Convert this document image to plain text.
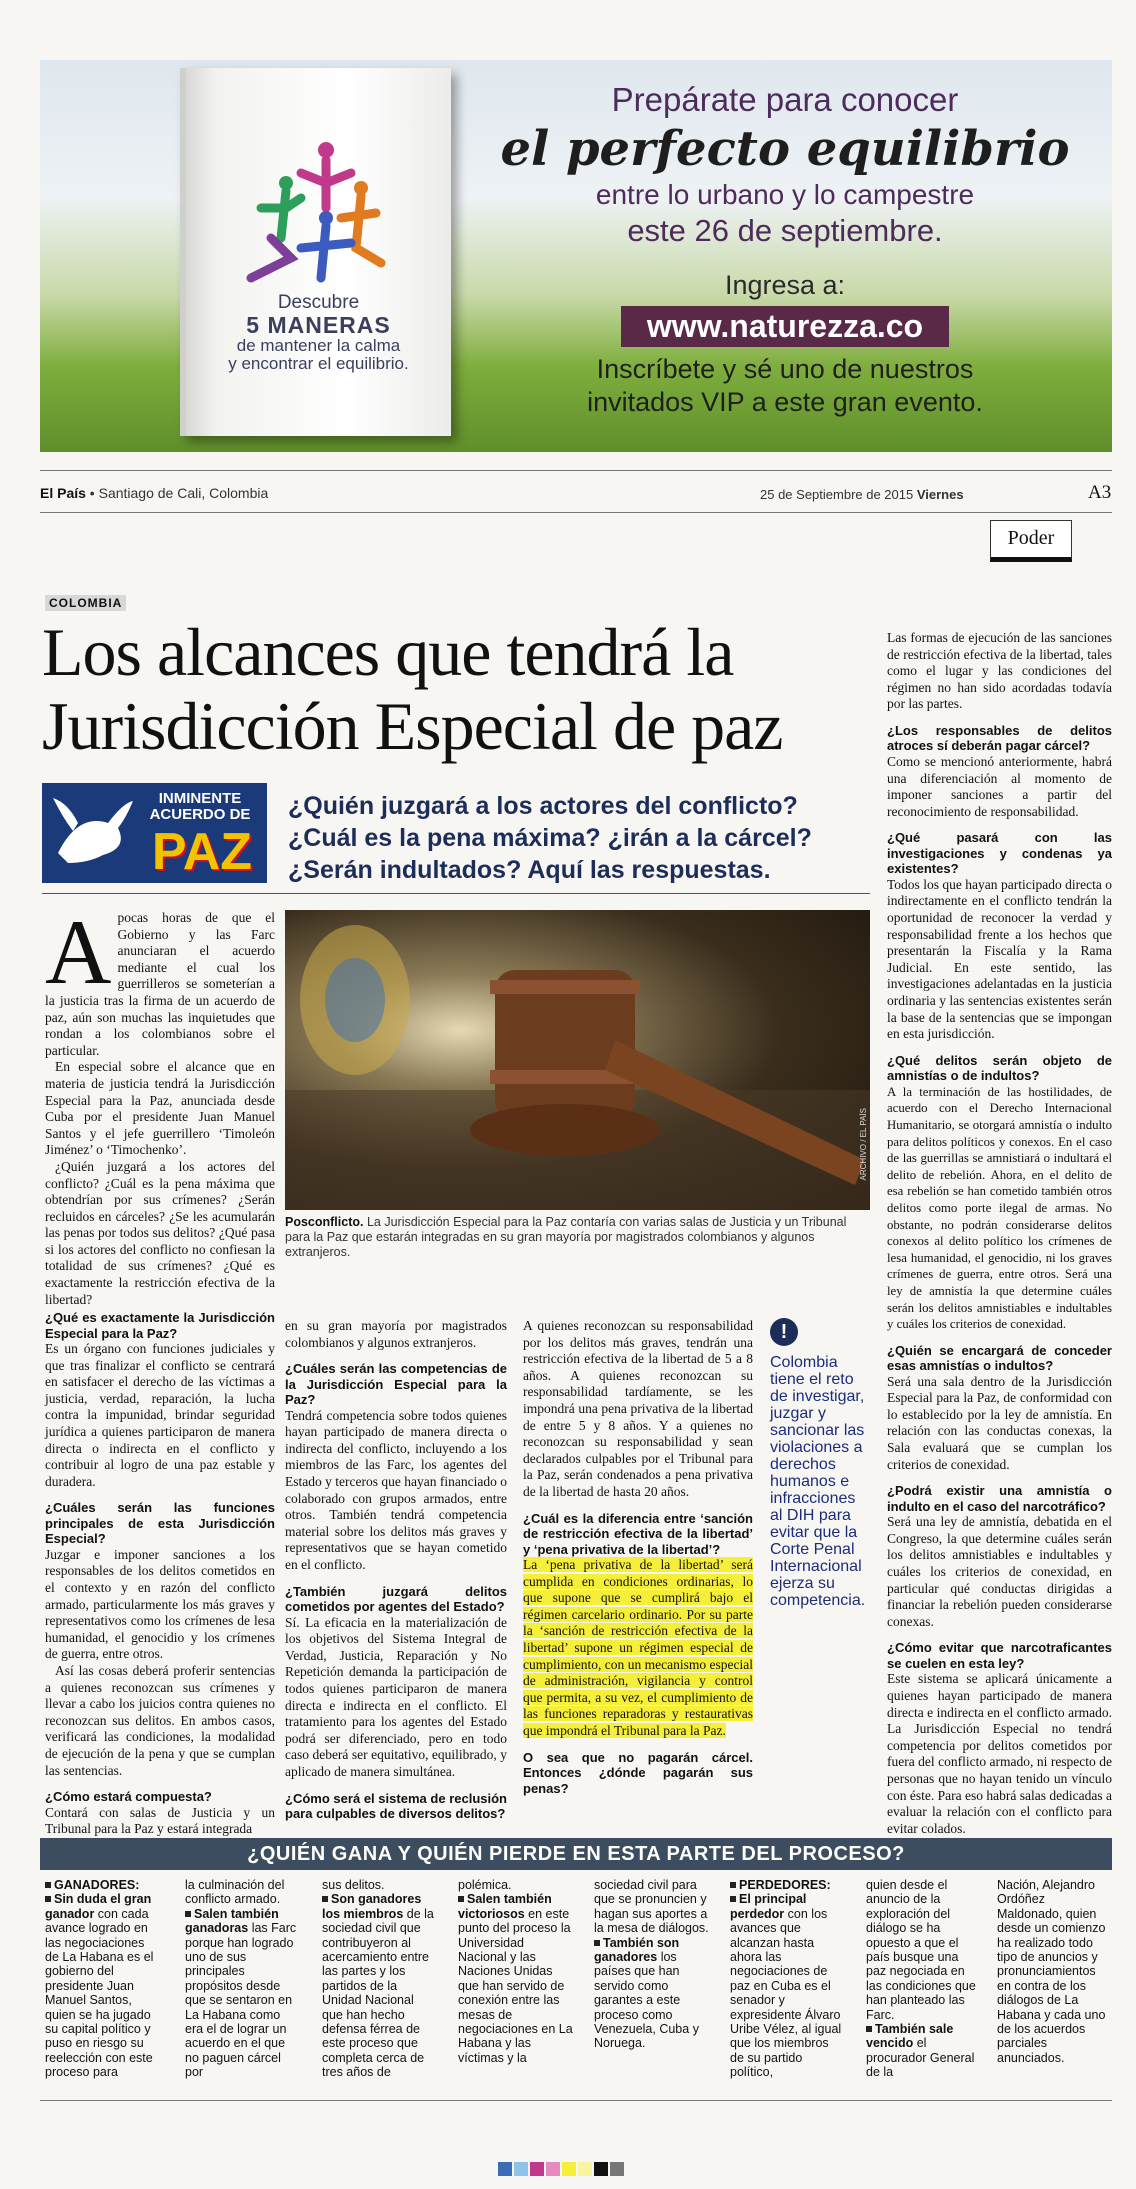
Descubre
5 MANERAS
de mantener la calma
y encontrar el equilibrio.
Prepárate para conocer
el perfecto equilibrio
entre lo urbano y lo campestre
este 26 de septiembre.
Ingresa a:
www.naturezza.co
Inscríbete y sé uno de nuestros
invitados VIP a este gran evento.
El País • Santiago de Cali, Colombia	25 de Septiembre de 2015 Viernes	A3
Poder
COLOMBIA
Los alcances que tendrá la
Jurisdicción Especial de paz
INMINENTE
ACUERDO DE
PAZ
¿Quién juzgará a los actores del conflicto?
¿Cuál es la pena máxima? ¿irán a la cárcel?
¿Serán indultados? Aquí las respuestas.
A pocas horas de que el Gobierno y las Farc anunciaran el acuerdo mediante el cual los guerrilleros se someterían a la justicia tras la firma de un acuerdo de paz, aún son muchas las inquietudes que rondan a los colombianos sobre el particular.

En especial sobre el alcance que en materia de justicia tendrá la Jurisdicción Especial para la Paz, anunciada desde Cuba por el presidente Juan Manuel Santos y el jefe guerrillero ‘Timoleón Jiménez’ o ‘Timochenko’.

¿Quién juzgará a los actores del conflicto? ¿Cuál es la pena máxima que obtendrían por sus crímenes? ¿Serán recluidos en cárceles? ¿Se les acumularán las penas por todos sus delitos? ¿Qué pasa si los actores del conflicto no confiesan la totalidad de sus crímenes? ¿Qué es exactamente la restricción efectiva de la libertad?

ARCHIVO / EL PAÍS
Posconflicto. La Jurisdicción Especial para la Paz contaría con varias salas de Justicia y un Tribunal para la Paz que estarán integradas en su gran mayoría por magistrados colombianos y algunos extranjeros.

¿Qué es exactamente la Jurisdicción Especial para la Paz?

Es un órgano con funciones judiciales y que tras finalizar el conflicto se centrará en satisfacer el derecho de las víctimas a justicia, verdad, reparación, la lucha contra la impunidad, brindar seguridad jurídica a quienes participaron de manera directa o indirecta en el conflicto y contribuir al logro de una paz estable y duradera.

¿Cuáles serán las funciones principales de esta Jurisdicción Especial?

Juzgar e imponer sanciones a los responsables de los delitos cometidos en el contexto y en razón del conflicto armado, particularmente los más graves y representativos como los crímenes de lesa humanidad, el genocidio y los crímenes de guerra, entre otros.

Así las cosas deberá proferir sentencias a quienes reconozcan sus crímenes y llevar a cabo los juicios contra quienes no reconozcan sus delitos. En ambos casos, verificará las condiciones, la modalidad de ejecución de la pena y que se cumplan las sentencias.

¿Cómo estará compuesta?

Contará con salas de Justicia y un Tribunal para la Paz y estará integrada

en su gran mayoría por magistrados colombianos y algunos extranjeros.

¿Cuáles serán las competencias de la Jurisdicción Especial para la Paz?

Tendrá competencia sobre todos quienes hayan participado de manera directa o indirecta del conflicto, incluyendo a los miembros de las Farc, los agentes del Estado y terceros que hayan financiado o colaborado con grupos armados, entre otros. También tendrá competencia material sobre los delitos más graves y representativos que se hayan cometido en el conflicto.

¿También juzgará delitos cometidos por agentes del Estado?

Sí. La eficacia en la materialización de los objetivos del Sistema Integral de Verdad, Justicia, Reparación y No Repetición demanda la participación de todos quienes participaron de manera directa e indirecta en el conflicto. El tratamiento para los agentes del Estado podrá ser diferenciado, pero en todo caso deberá ser equitativo, equilibrado, y aplicado de manera simultánea.

¿Cómo será el sistema de reclusión para culpables de diversos delitos?

A quienes reconozcan su responsabilidad por los delitos más graves, tendrán una restricción efectiva de la libertad de 5 a 8 años. A quienes reconozcan su responsabilidad tardíamente, se les impondrá una pena privativa de la libertad de entre 5 y 8 años. Y a quienes no reconozcan su responsabilidad y sean declarados culpables por el Tribunal para la Paz, serán condenados a pena privativa de la libertad de hasta 20 años.

¿Cuál es la diferencia entre ‘sanción de restricción efectiva de la libertad’ y ‘pena privativa de la libertad’?

La ‘pena privativa de la libertad’ será cumplida en condiciones ordinarias, lo que supone que se cumplirá bajo el régimen carcelario ordinario. Por su parte la ‘sanción de restricción efectiva de la libertad’ supone un régimen especial de cumplimiento, con un mecanismo especial de administración, vigilancia y control que permita, a su vez, el cumplimiento de las funciones reparadoras y restaurativas que impondrá el Tribunal para la Paz.

O sea que no pagarán cárcel. Entonces ¿dónde pagarán sus penas?

!
Colombia tiene el reto de investigar, juzgar y sancionar las violaciones a derechos humanos e infracciones al DIH para evitar que la Corte Penal Internacional ejerza su competencia.

Las formas de ejecución de las sanciones de restricción efectiva de la libertad, tales como el lugar y las condiciones del régimen no han sido acordadas todavía por las partes.

¿Los responsables de delitos atroces sí deberán pagar cárcel?

Como se mencionó anteriormente, habrá una diferenciación al momento de imponer sanciones a partir del reconocimiento de responsabilidad.

¿Qué pasará con las investigaciones y condenas ya existentes?

Todos los que hayan participado directa o indirectamente en el conflicto tendrán la oportunidad de reconocer la verdad y responsabilidad frente a los hechos que presentarán la Fiscalía y la Rama Judicial. En este sentido, las investigaciones adelantadas en la justicia ordinaria y las sentencias existentes serán la base de la sentencias que se impongan en esta jurisdicción.

¿Qué delitos serán objeto de amnistías o de indultos?

A la terminación de las hostilidades, de acuerdo con el Derecho Internacional Humanitario, se otorgará amnistía o indulto para delitos políticos y conexos. En el caso de las guerrillas se amnistiará o indultará el delito de rebelión. Ahora, en el delito de esa rebelión se han cometido también otros delitos como porte ilegal de armas. No obstante, no podrán considerarse delitos conexos al delito político los crímenes de lesa humanidad, el genocidio, ni los graves crímenes de guerra, entre otros. Será una ley de amnistía la que determine cuáles serán los delitos amnistiables e indultables y cuáles los criterios de conexidad.

¿Quién se encargará de conceder esas amnistías o indultos?

Será una sala dentro de la Jurisdicción Especial para la Paz, de conformidad con lo establecido por la ley de amnistía. En relación con las conductas conexas, la Sala evaluará que se cumplan los criterios de conexidad.

¿Podrá existir una amnistía o indulto en el caso del narcotráfico?

Será una ley de amnistía, debatida en el Congreso, la que determine cuáles serán los delitos amnistiables e indultables y cuáles los criterios de conexidad, en particular qué conductas dirigidas a financiar la rebelión pueden considerarse conexas.

¿Cómo evitar que narcotraficantes se cuelen en esta ley?

Este sistema se aplicará únicamente a quienes hayan participado de manera directa e indirecta en el conflicto armado. La Jurisdicción Especial no tendrá competencia por delitos cometidos por fuera del conflicto armado, ni respecto de personas que no hayan tenido un vínculo con éste. Para eso habrá salas dedicadas a evaluar la relación con el conflicto para evitar colados.

¿QUIÉN GANA Y QUIÉN PIERDE EN ESTA PARTE DEL PROCESO?
GANADORES:
Sin duda el gran ganador con cada avance logrado en las negociaciones de La Habana es el gobierno del presidente Juan Manuel Santos, quien se ha jugado su capital político y puso en riesgo su reelección con este proceso para
la culminación del conflicto armado.
Salen también ganadoras las Farc porque han logrado uno de sus principales propósitos desde que se sentaron en La Habana como era el de lograr un acuerdo en el que no paguen cárcel por
sus delitos.
Son ganadores los miembros de la sociedad civil que contribuyeron al acercamiento entre las partes y los partidos de la Unidad Nacional que han hecho defensa férrea de este proceso que completa cerca de tres años de
polémica.
Salen también victoriosos en este punto del proceso la Universidad Nacional y las Naciones Unidas que han servido de conexión entre las mesas de negociaciones en La Habana y las víctimas y la
sociedad civil para que se pronuncien y hagan sus aportes a la mesa de diálogos.
También son ganadores los países que han servido como garantes a este proceso como Venezuela, Cuba y Noruega.
PERDEDORES:
El principal perdedor con los avances que alcanzan hasta ahora las negociaciones de paz en Cuba es el senador y expresidente Álvaro Uribe Vélez, al igual que los miembros de su partido político,
quien desde el anuncio de la exploración del diálogo se ha opuesto a que el país busque una paz negociada en las condiciones que han planteado las Farc.
También sale vencido el procurador General de la
Nación, Alejandro Ordóñez Maldonado, quien desde un comienzo ha realizado todo tipo de anuncios y pronunciamientos en contra de los diálogos de La Habana y cada uno de los acuerdos parciales anunciados.
